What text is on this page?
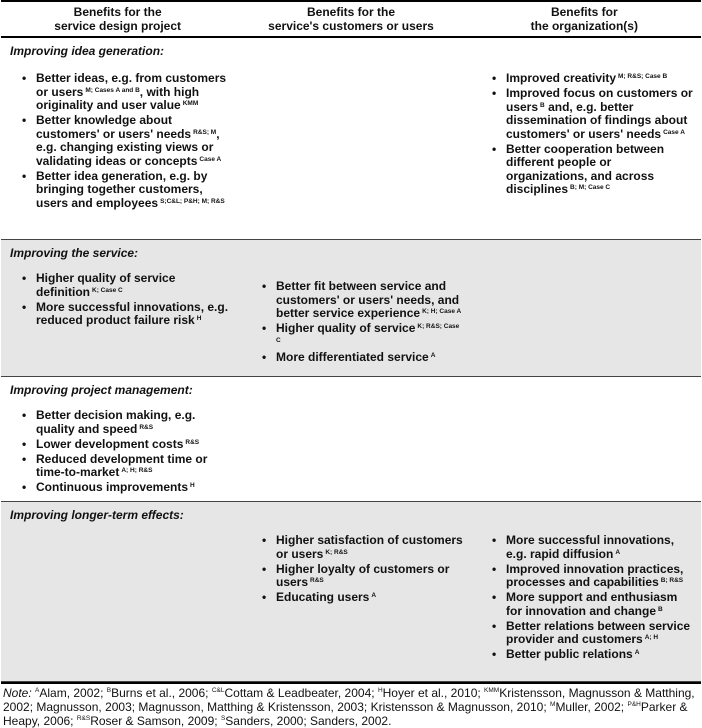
Benefits for the
service design project
Benefits for the
service's customers or users
Benefits for
the organization(s)
Improving idea generation:
• Better ideas, e.g. from customers or users $^{M; Cases A and B}$, with high originality and user value $^{KMM}$
• Better knowledge about customers' or users' needs $^{R\&S; M}$, e.g. changing existing views or validating ideas or concepts $^{Case A}$
• Better idea generation, e.g. by bringing together customers, users and employees $^{S;C\&L; P\&H; M; R\&S}$
• Improved creativity $^{M; R\&S; Case B}$
• Improved focus on customers or users $^B$ and, e.g. better dissemination of findings about customers' or users' needs $^{Case A}$
• Better cooperation between different people or organizations, and across disciplines $^{B; M; Case C}$
Improving the service:
• Higher quality of service definition $^{K; Case C}$
• More successful innovations, e.g. reduced product failure risk $^H$
• Better fit between service and customers' or users' needs, and better service experience $^{K; H; Case A}$
• Higher quality of service $^{K; R\&S; Case C}$
• More differentiated service $^A$
Improving project management:
• Better decision making, e.g. quality and speed $^{R\&S}$
• Lower development costs $^{R\&S}$
• Reduced development time or time-to-market $^{A; H; R\&S}$
• Continuous improvements $^H$
Improving longer-term effects:
• Higher satisfaction of customers or users $^{K; R\&S}$
• Higher loyalty of customers or users $^{R\&S}$
• Educating users $^A$
• More successful innovations, e.g. rapid diffusion $^A$
• Improved innovation practices, processes and capabilities $^{B; R\&S}$
• More support and enthusiasm for innovation and change $^B$
• Better relations between service provider and customers $^{A; H}$
• Better public relations $^A$
Note: $^A$Alam, 2002; $^B$Burns et al., 2006; $^{C\&L}$Cottam & Leadbeater, 2004; $^H$Hoyer et al., 2010; $^{KMM}$Kristensson, Magnusson & Matthing, 2002; Magnusson, 2003; Magnusson, Matthing & Kristensson, 2003; Kristensson & Magnusson, 2010; $^M$Muller, 2002; $^{P\&H}$Parker & Heapy, 2006; $^{R\&S}$Roser & Samson, 2009; $^S$Sanders, 2000; Sanders, 2002.
